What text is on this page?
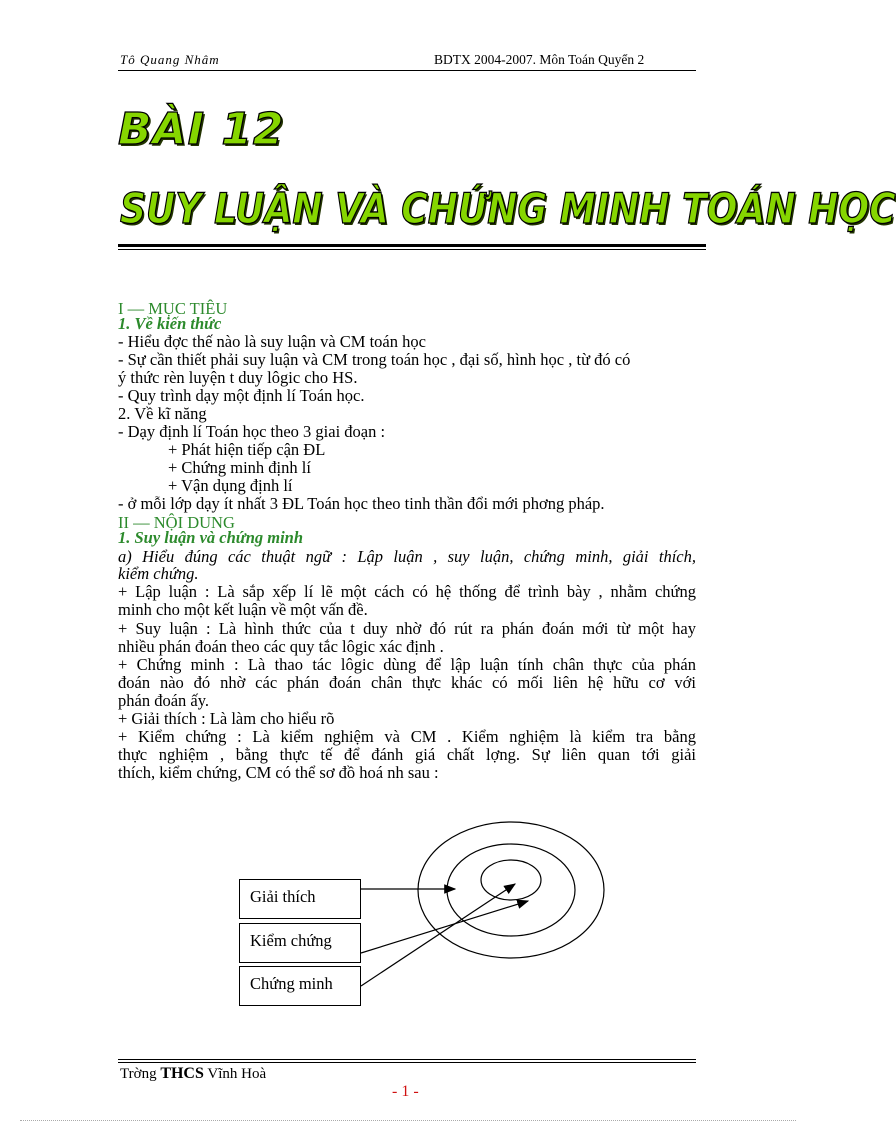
Tô Quang Nhâm	BDTX 2004-2007. Môn Toán Quyển 2
BÀI 12
SUY LUẬN VÀ CHỨNG MINH TOÁN HỌC
I — MỤC TIÊU
1. Về kiến thức
- Hiểu đợc thế nào là suy luận và CM toán học
- Sự cần thiết phải suy luận và CM trong toán học , đại số, hình học , từ đó có
ý thức rèn luyện t duy lôgic cho HS.
- Quy trình dạy một định lí Toán học.
2. Về kĩ năng
- Dạy định lí Toán học theo 3 giai đoạn :
+ Phát hiện tiếp cận ĐL
+ Chứng minh định lí
+ Vận dụng định lí
- ở mỗi lớp dạy ít nhất 3 ĐL Toán học theo tinh thần đổi mới phơng pháp.
II — NỘI DUNG
1. Suy luận và chứng minh
a) Hiểu đúng các thuật ngữ : Lập luận , suy luận, chứng minh, giải thích,
kiểm chứng.
+ Lập luận : Là sắp xếp lí lẽ một cách có hệ thống để trình bày , nhằm chứng
minh cho một kết luận về một vấn đề.
+ Suy luận : Là hình thức của t duy nhờ đó rút ra phán đoán mới từ một hay
nhiều phán đoán theo các quy tắc lôgic xác định .
+ Chứng minh : Là thao tác lôgic dùng để lập luận tính chân thực của phán
đoán nào đó nhờ các phán đoán chân thực khác có mối liên hệ hữu cơ với
phán đoán ấy.
+ Giải thích : Là làm cho hiểu rõ
+ Kiểm chứng : Là kiểm nghiệm và CM . Kiểm nghiệm là kiểm tra bằng
thực nghiệm , bằng thực tế để đánh giá chất lợng. Sự liên quan tới giải
thích, kiểm chứng, CM có thể sơ đồ hoá nh sau :
Giải thích
Kiểm chứng
Chứng minh
Trờng THCS Vĩnh Hoà
- 1 -
